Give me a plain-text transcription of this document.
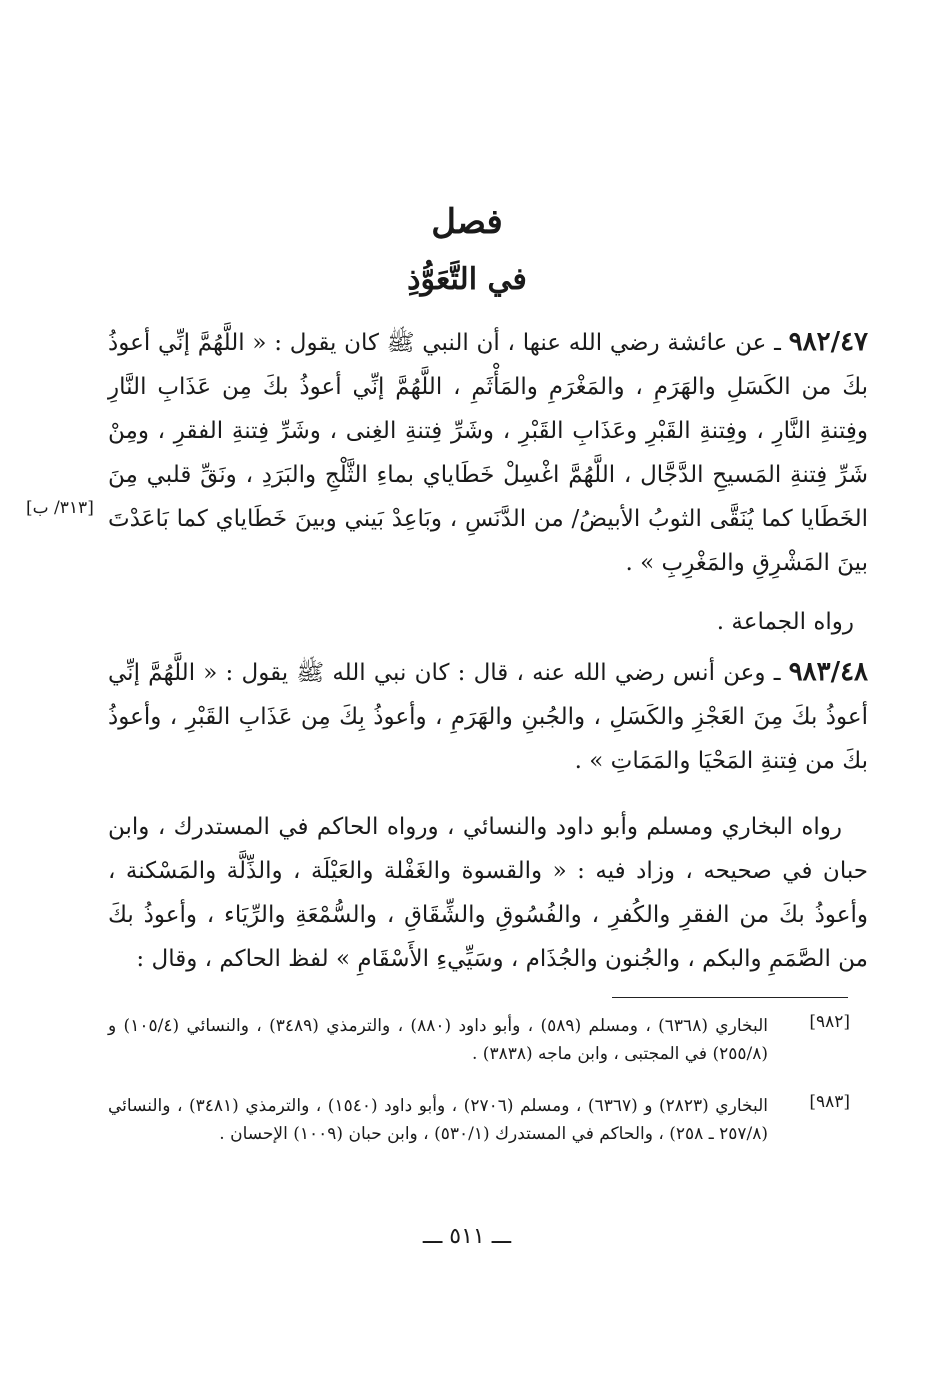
فصل
في التَّعَوُّذِ
٩٨٢/٤٧ ـ عن عائشة رضي الله عنها ، أن النبي ﷺ كان يقول : « اللَّهُمَّ إنِّي أعوذُ بكَ من الكَسَلِ والهَرَمِ ، والمَغْرَمِ والمَأْثَمِ ، اللَّهُمَّ إنِّي أعوذُ بكَ مِن عَذَابِ النَّارِ وفِتنةِ النَّارِ ، وفِتنةِ القَبْرِ وعَذَابِ القَبْرِ ، وشَرِّ فِتنةِ الغِنى ، وشَرِّ فِتنةِ الفقرِ ، ومِنْ شَرِّ فِتنةِ المَسيحِ الدَّجَّال ، اللَّهُمَّ اغْسِلْ خَطَاياي بماءِ الثَّلْجِ والبَرَدِ ، ونَقِّ قلبي مِنَ الخَطَايا كما يُنَقَّى الثوبُ الأبيضُ/ من الدَّنَسِ ، وبَاعِدْ بَيني وبينَ خَطَاياي كما بَاعَدْتَ بينَ المَشْرِقِ والمَغْرِبِ » .
[٣١٣/ ب]
رواه الجماعة .
٩٨٣/٤٨ ـ وعن أنس رضي الله عنه ، قال : كان نبي الله ﷺ يقول : « اللَّهُمَّ إنِّي أعوذُ بكَ مِنَ العَجْزِ والكَسَلِ ، والجُبنِ والهَرَمِ ، وأعوذُ بِكَ مِن عَذَابِ القَبْرِ ، وأعوذُ بكَ من فِتنةِ المَحْيَا والمَمَاتِ » .
رواه البخاري ومسلم وأبو داود والنسائي ، ورواه الحاكم في المستدرك ، وابن حبان في صحيحه ، وزاد فيه : « والقسوة والغَفْلة والعَيْلَة ، والذِّلَّة والمَسْكنة ، وأعوذُ بكَ من الفقرِ والكُفرِ ، والفُسُوقِ والشِّقَاقِ ، والسُّمْعَةِ والرِّيَاء ، وأعوذُ بكَ من الصَّمَمِ والبكم ، والجُنون والجُذَام ، وسَيِّيءِ الأَسْقَامِ » لفظ الحاكم ، وقال :
[٩٨٢]
البخاري (٦٣٦٨) ، ومسلم (٥٨٩) ، وأبو داود (٨٨٠) ، والترمذي (٣٤٨٩) ، والنسائي (١٠٥/٤) و (٢٥٥/٨) في المجتبى ، وابن ماجه (٣٨٣٨) .
[٩٨٣]
البخاري (٢٨٢٣) و (٦٣٦٧) ، ومسلم (٢٧٠٦) ، وأبو داود (١٥٤٠) ، والترمذي (٣٤٨١) ، والنسائي (٢٥٧/٨ ـ ٢٥٨) ، والحاكم في المستدرك (٥٣٠/١) ، وابن حبان (١٠٠٩) الإحسان .
ـــ ٥١١ ـــ
